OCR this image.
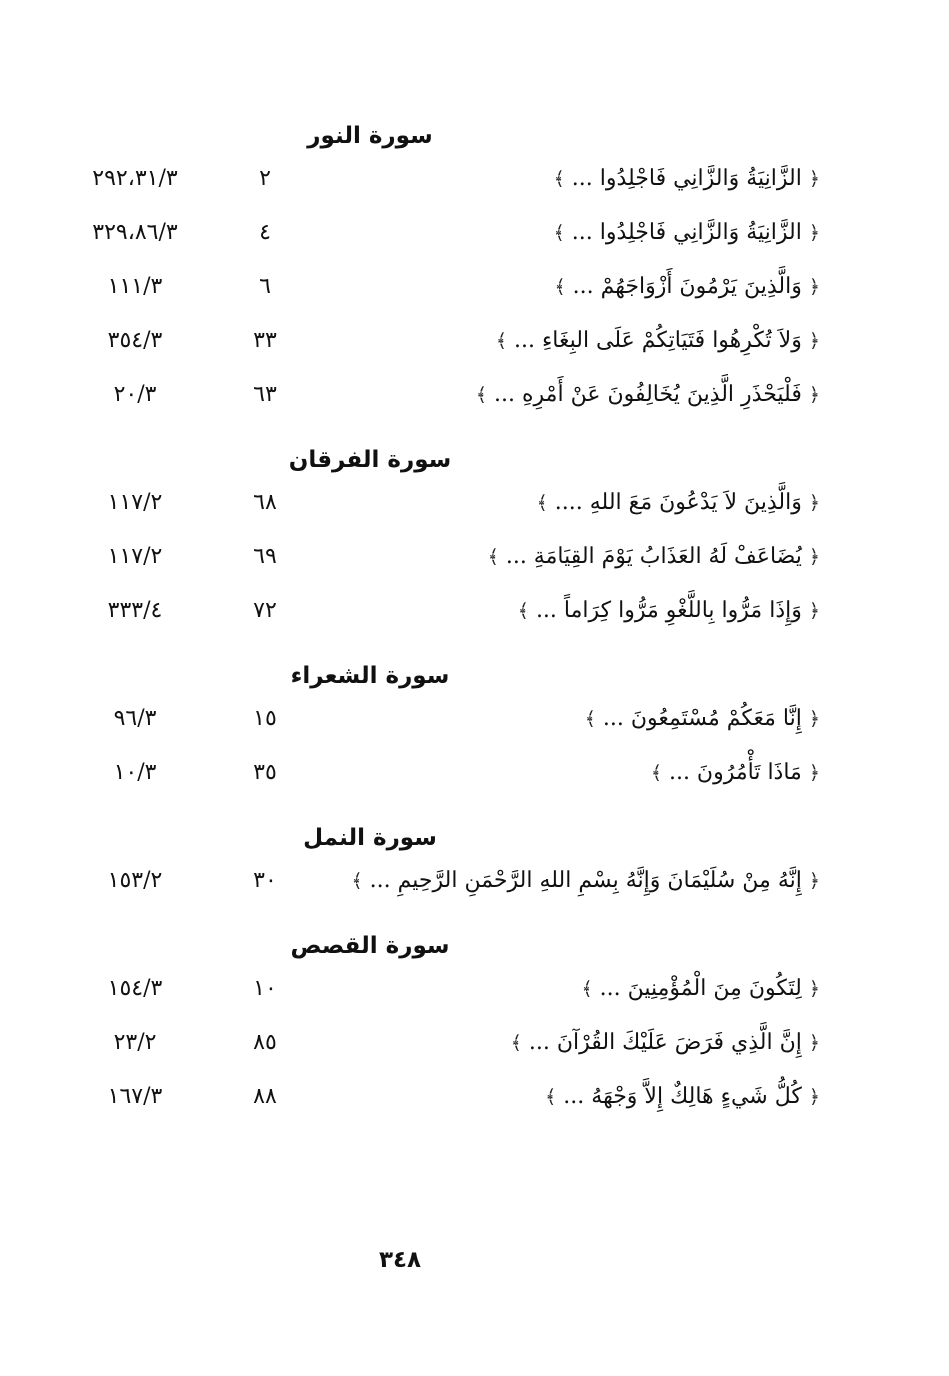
سورة النور
﴿ الزَّانِيَةُ وَالزَّانِي فَاجْلِدُوا ... ﴾
٢
٢٩٢،٣١/٣
﴿ الزَّانِيَةُ وَالزَّانِي فَاجْلِدُوا ... ﴾
٤
٣٢٩،٨٦/٣
﴿ وَالَّذِينَ يَرْمُونَ أَزْوَاجَهُمْ ... ﴾
٦
١١١/٣
﴿ وَلاَ تُكْرِهُوا فَتَيَاتِكُمْ عَلَى البِغَاءِ ... ﴾
٣٣
٣٥٤/٣
﴿ فَلْيَحْذَرِ الَّذِينَ يُخَالِفُونَ عَنْ أَمْرِهِ ... ﴾
٦٣
٢٠/٣
سورة الفرقان
﴿ وَالَّذِينَ لاَ يَدْعُونَ مَعَ اللهِ .... ﴾
٦٨
١١٧/٢
﴿ يُضَاعَفْ لَهُ العَذَابُ يَوْمَ القِيَامَةِ ... ﴾
٦٩
١١٧/٢
﴿ وَإِذَا مَرُّوا بِاللَّغْوِ مَرُّوا كِرَاماً ... ﴾
٧٢
٣٣٣/٤
سورة الشعراء
﴿ إِنَّا مَعَكُمْ مُسْتَمِعُونَ ... ﴾
١٥
٩٦/٣
﴿ مَاذَا تَأْمُرُونَ ... ﴾
٣٥
١٠/٣
سورة النمل
﴿ إِنَّهُ مِنْ سُلَيْمَانَ وَإِنَّهُ بِسْمِ اللهِ الرَّحْمَنِ الرَّحِيمِ ... ﴾
٣٠
١٥٣/٢
سورة القصص
﴿ لِتَكُونَ مِنَ الْمُؤْمِنِينَ ... ﴾
١٠
١٥٤/٣
﴿ إِنَّ الَّذِي فَرَضَ عَلَيْكَ القُرْآنَ ... ﴾
٨٥
٢٣/٢
﴿ كُلُّ شَيءٍ هَالِكٌ إِلاَّ وَجْهَهُ ... ﴾
٨٨
١٦٧/٣
٣٤٨
